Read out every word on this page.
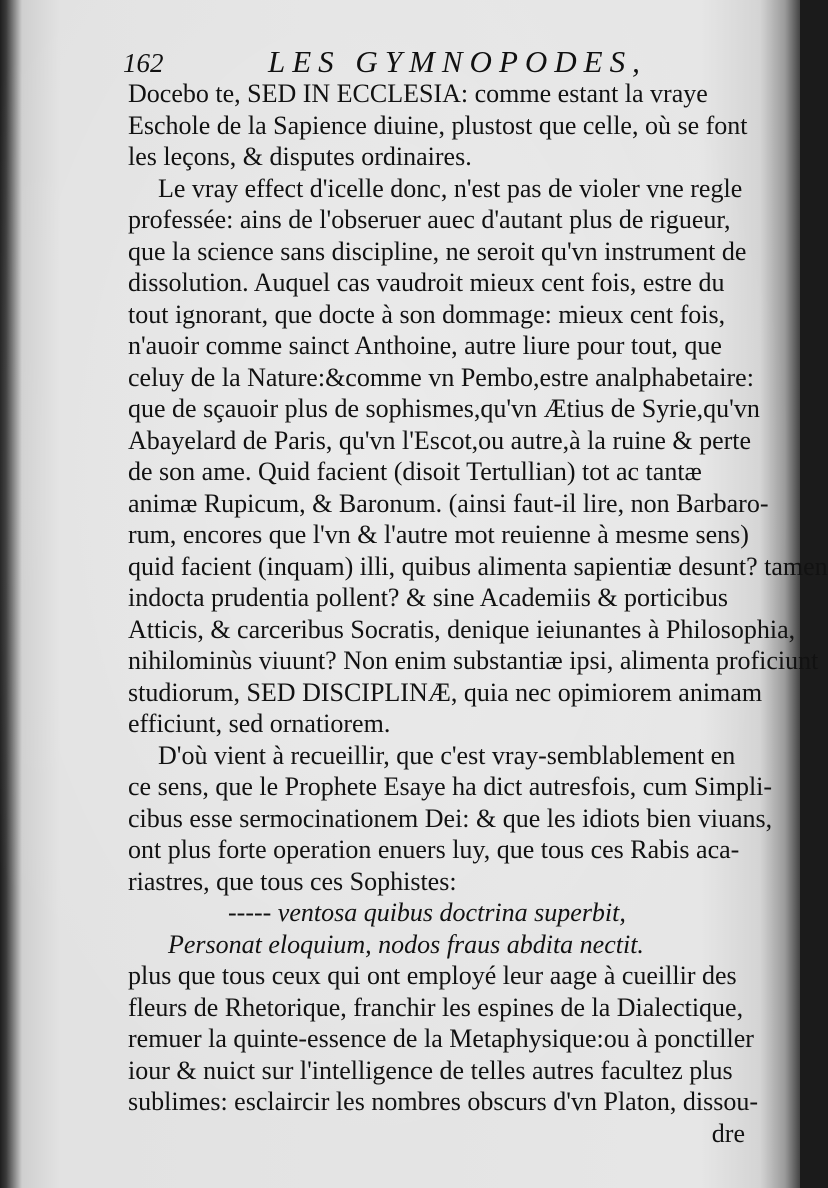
162	LES GYMNOPODES,
Docebo te, SED IN ECCLESIA: comme estant la vraye
Eschole de la Sapience diuine, plustost que celle, où se font
les leçons, & disputes ordinaires.
Le vray effect d'icelle donc, n'est pas de violer vne regle
professée: ains de l'obseruer auec d'autant plus de rigueur,
que la science sans discipline, ne seroit qu'vn instrument de
dissolution. Auquel cas vaudroit mieux cent fois, estre du
tout ignorant, que docte à son dommage: mieux cent fois,
n'auoir comme sainct Anthoine, autre liure pour tout, que
celuy de la Nature:&comme vn Pembo,estre analphabetaire:
que de sçauoir plus de sophismes,qu'vn Ætius de Syrie,qu'vn
Abayelard de Paris, qu'vn l'Escot,ou autre,à la ruine & perte
de son ame. Quid facient (disoit Tertullian) tot ac tantæ
animæ Rupicum, & Baronum. (ainsi faut-il lire, non Barbaro-
rum, encores que l'vn & l'autre mot reuienne à mesme sens)
quid facient (inquam) illi, quibus alimenta sapientiæ desunt? tamen
indocta prudentia pollent? & sine Academiis & porticibus
Atticis, & carceribus Socratis, denique ieiunantes à Philosophia,
nihilominùs viuunt? Non enim substantiæ ipsi, alimenta proficiunt
studiorum, SED DISCIPLINÆ, quia nec opimiorem animam
efficiunt, sed ornatiorem.
D'où vient à recueillir, que c'est vray-semblablement en
ce sens, que le Prophete Esaye ha dict autresfois, cum Simpli-
cibus esse sermocinationem Dei: & que les idiots bien viuans,
ont plus forte operation enuers luy, que tous ces Rabis aca-
riastres, que tous ces Sophistes:
----- ventosa quibus doctrina superbit,
Personat eloquium, nodos fraus abdita nectit.
plus que tous ceux qui ont employé leur aage à cueillir des
fleurs de Rhetorique, franchir les espines de la Dialectique,
remuer la quinte-essence de la Metaphysique:ou à ponctiller
iour & nuict sur l'intelligence de telles autres facultez plus
sublimes: esclaircir les nombres obscurs d'vn Platon, dissou-
dre
